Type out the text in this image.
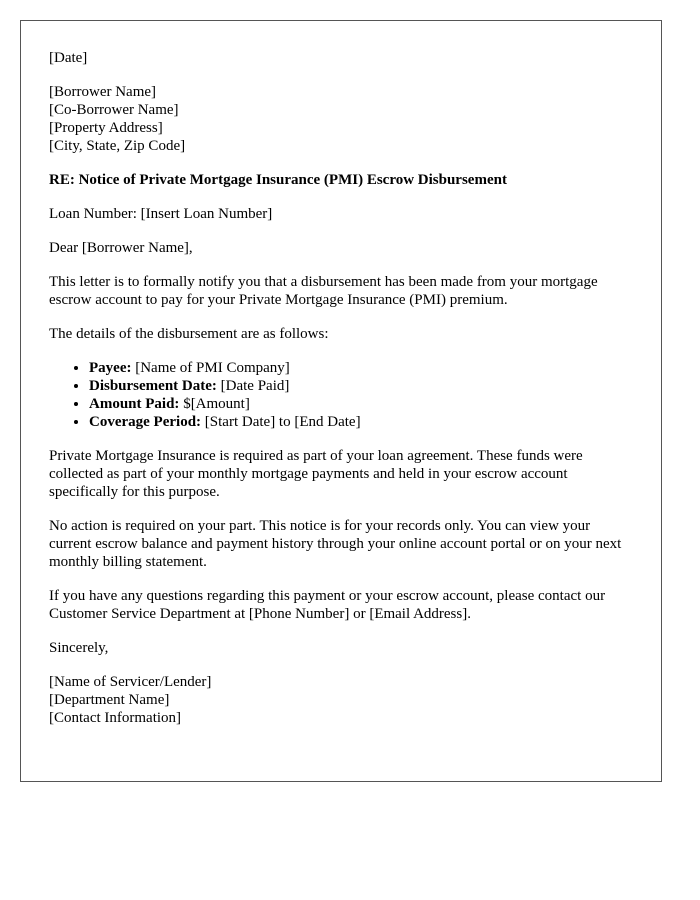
[Date]
[Borrower Name]
[Co-Borrower Name]
[Property Address]
[City, State, Zip Code]
RE: Notice of Private Mortgage Insurance (PMI) Escrow Disbursement
Loan Number: [Insert Loan Number]
Dear [Borrower Name],

This letter is to formally notify you that a disbursement has been made from your mortgage escrow account to pay for your Private Mortgage Insurance (PMI) premium.

The details of the disbursement are as follows:

• Payee: [Name of PMI Company]
• Disbursement Date: [Date Paid]
• Amount Paid: $[Amount]
• Coverage Period: [Start Date] to [End Date]

Private Mortgage Insurance is required as part of your loan agreement. These funds were collected as part of your monthly mortgage payments and held in your escrow account specifically for this purpose.

No action is required on your part. This notice is for your records only. You can view your current escrow balance and payment history through your online account portal or on your next monthly billing statement.

If you have any questions regarding this payment or your escrow account, please contact our Customer Service Department at [Phone Number] or [Email Address].

Sincerely,
[Name of Servicer/Lender]
[Department Name]
[Contact Information]
